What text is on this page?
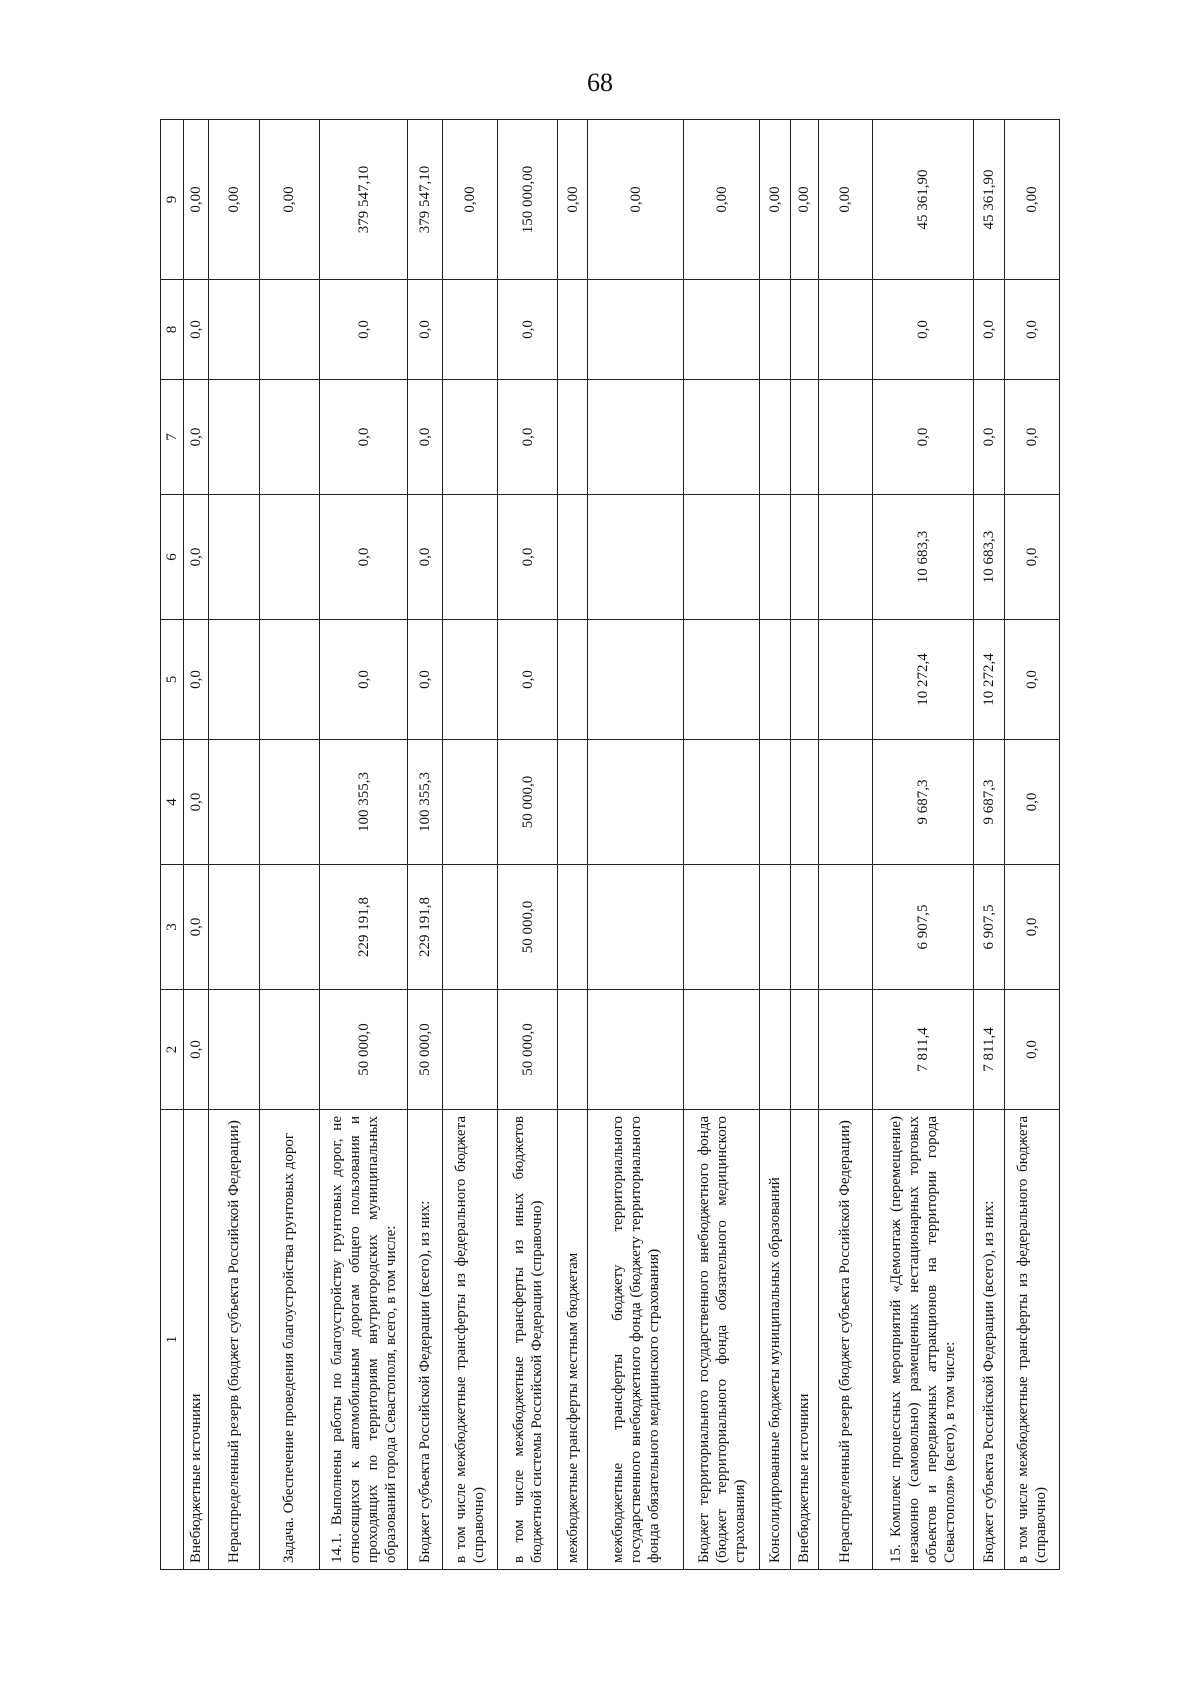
68
1	2	3	4	5	6	7	8	9
Внебюджетные источники	0,0	0,0	0,0	0,0	0,0	0,0	0,0	0,00
Нераспределенный резерв (бюджет субъекта Российской Федерации)								0,00
Задача. Обеспечение проведения благоустройства грунтовых дорог								0,00
14.1. Выполнены работы по благоустройству грунтовых дорог, не относящихся к автомобильным дорогам общего пользования и проходящих по территориям внутригородских муниципальных образований города Севастополя, всего, в том числе:	50 000,0	229 191,8	100 355,3	0,0	0,0	0,0	0,0	379 547,10
Бюджет субъекта Российской Федерации (всего), из них:	50 000,0	229 191,8	100 355,3	0,0	0,0	0,0	0,0	379 547,10
в том числе межбюджетные трансферты из федерального бюджета (справочно)								0,00
в том числе межбюджетные трансферты из иных бюджетов бюджетной системы Российской Федерации (справочно)	50 000,0	50 000,0	50 000,0	0,0	0,0	0,0	0,0	150 000,00
межбюджетные трансферты местным бюджетам								0,00
межбюджетные трансферты бюджету территориального государственного внебюджетного фонда (бюджету территориального фонда обязательного медицинского страхования)								0,00
Бюджет территориального государственного внебюджетного фонда (бюджет территориального фонда обязательного медицинского страхования)								0,00
Консолидированные бюджеты муниципальных образований								0,00
Внебюджетные источники								0,00
Нераспределенный резерв (бюджет субъекта Российской Федерации)								0,00
15. Комплекс процессных мероприятий «Демонтаж (перемещение) незаконно (самовольно) размещенных нестационарных торговых объектов и передвижных аттракционов на территории города Севастополя» (всего), в том числе:	7 811,4	6 907,5	9 687,3	10 272,4	10 683,3	0,0	0,0	45 361,90
Бюджет субъекта Российской Федерации (всего), из них:	7 811,4	6 907,5	9 687,3	10 272,4	10 683,3	0,0	0,0	45 361,90
в том числе межбюджетные трансферты из федерального бюджета (справочно)	0,0	0,0	0,0	0,0	0,0	0,0	0,0	0,00
